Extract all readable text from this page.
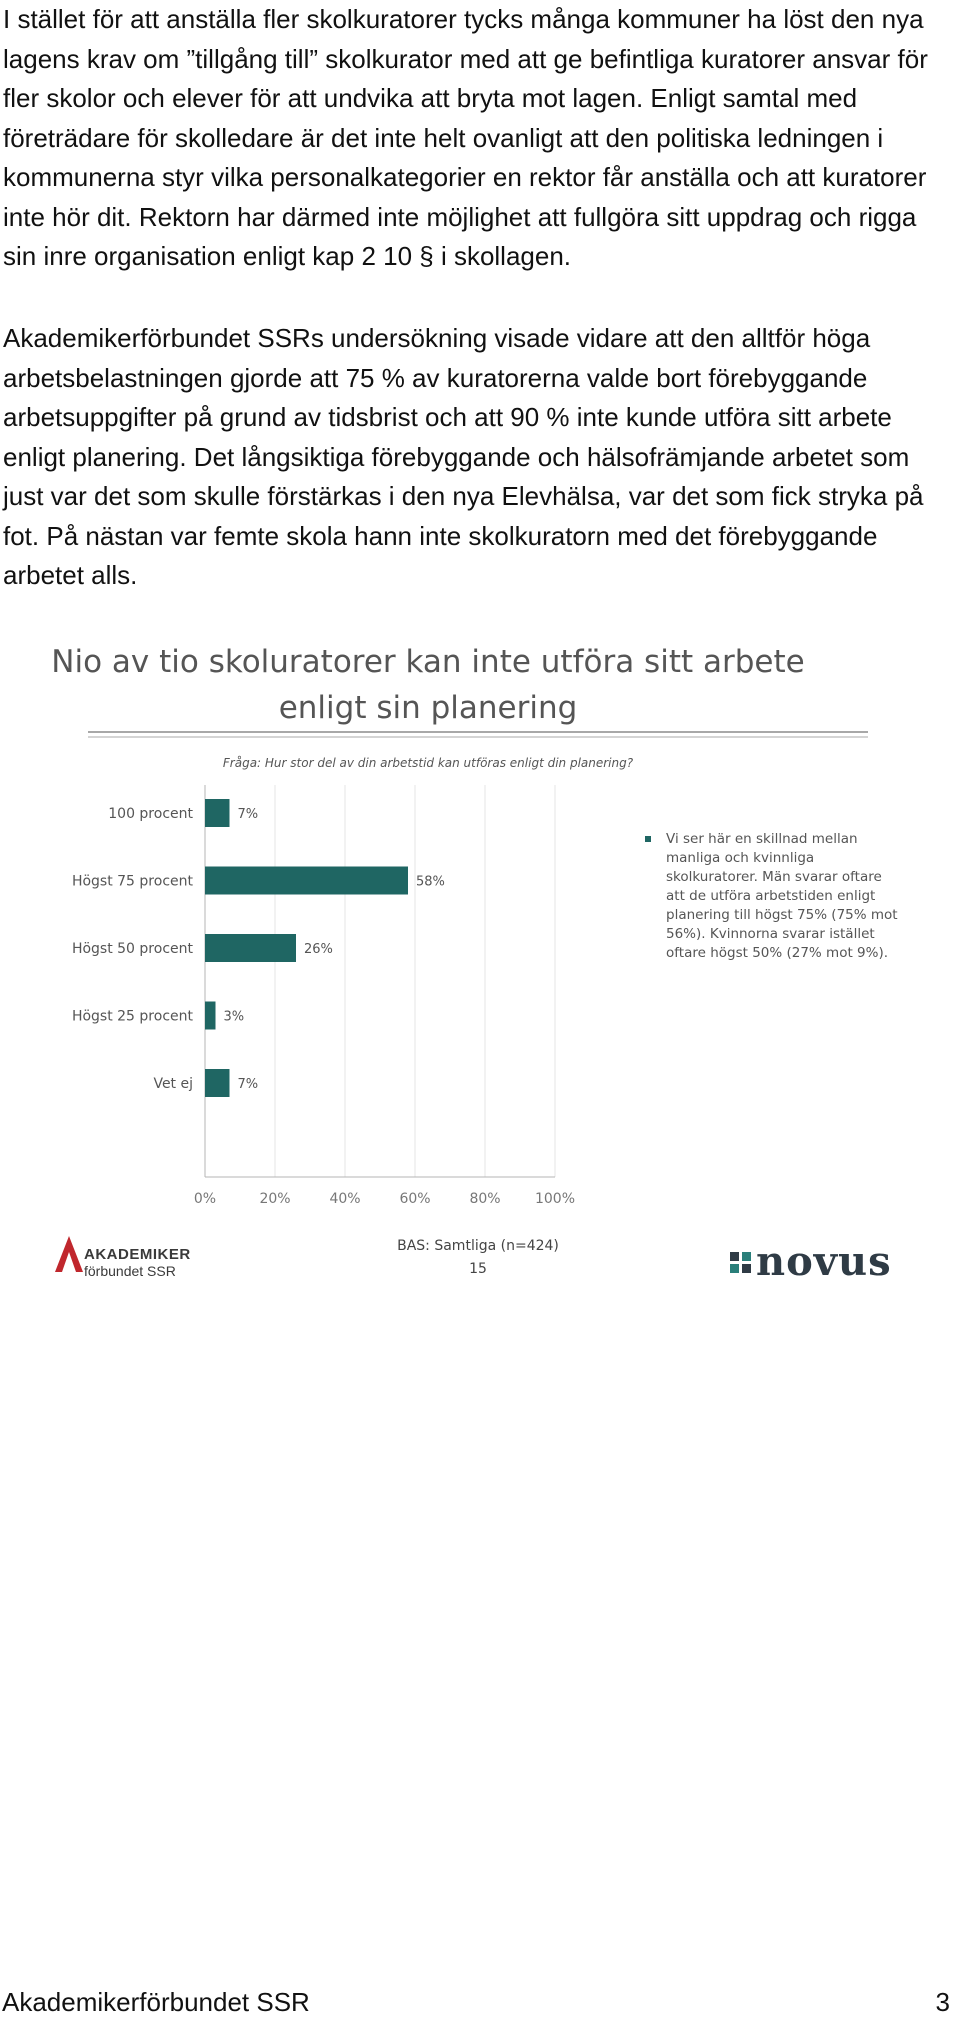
I stället för att anställa fler skolkuratorer tycks många kommuner ha löst den nya lagens krav om ”tillgång till” skolkurator med att ge befintliga kuratorer ansvar för fler skolor och elever för att undvika att bryta mot lagen. Enligt samtal med företrädare för skolledare är det inte helt ovanligt att den politiska ledningen i kommunerna styr vilka personalkategorier en rektor får anställa och att kuratorer inte hör dit. Rektorn har därmed inte möjlighet att fullgöra sitt uppdrag och rigga sin inre organisation enligt kap 2 10 § i skollagen.

Akademikerförbundet SSRs undersökning visade vidare att den alltför höga arbetsbelastningen gjorde att 75 % av kuratorerna valde bort förebyggande arbetsuppgifter på grund av tidsbrist och att 90 % inte kunde utföra sitt arbete enligt planering. Det långsiktiga förebyggande och hälsofrämjande arbetet som just var det som skulle förstärkas i den nya Elevhälsa, var det som fick stryka på fot. På nästan var femte skola hann inte skolkuratorn med det förebyggande arbetet alls.

Nio av tio skoluratorer kan inte utföra sitt arbete
enligt sin planering
Fråga: Hur stor del av din arbetstid kan utföras enligt din planering?
100 procent	7%
Högst 75 procent	58%
Högst 50 procent	26%
Högst 25 procent 3%
Vet ej	7%
0%	20%	40%	60%	80% 100%
BAS: Samtliga (n=424)
15
Vi ser här en skillnad mellan
manliga och kvinnliga
skolkuratorer. Män svarar oftare
att de utföra arbetstiden enligt
planering till högst 75% (75% mot
56%). Kvinnorna svarar istället
oftare högst 50% (27% mot 9%).
AKADEMIKER
förbundet SSR	novus
Akademikerförbundet SSR	3
